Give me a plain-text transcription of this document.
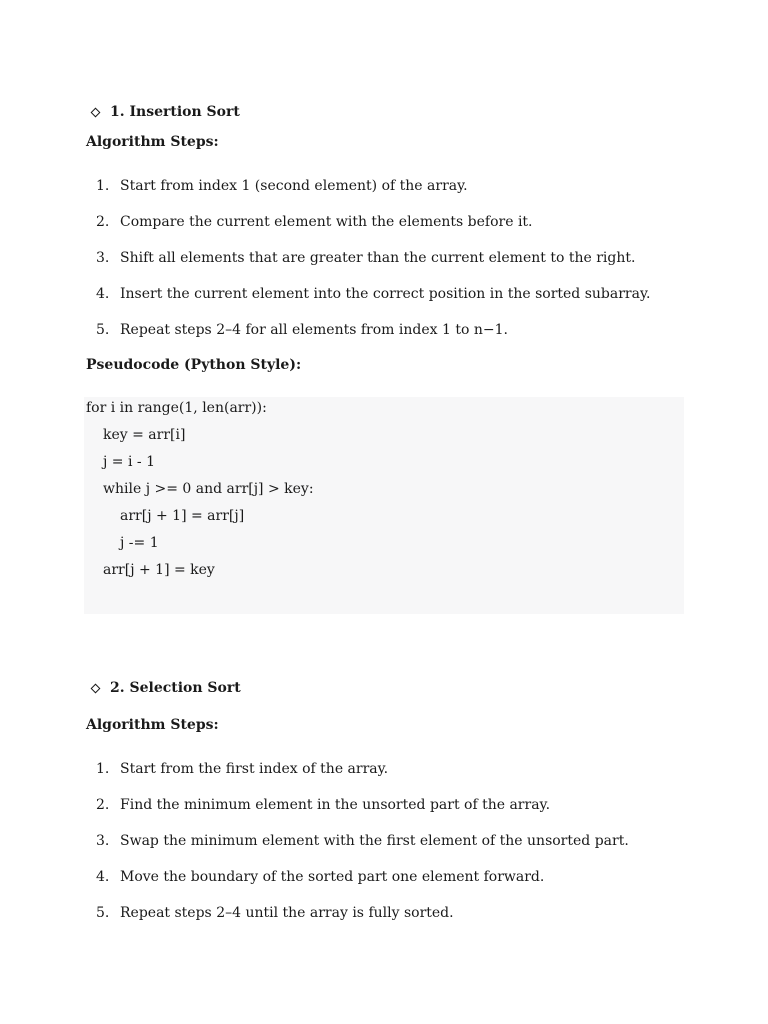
1. Insertion Sort
Algorithm Steps:
1. Start from index 1 (second element) of the array.
2. Compare the current element with the elements before it.
3. Shift all elements that are greater than the current element to the right.
4. Insert the current element into the correct position in the sorted subarray.
5. Repeat steps 2–4 for all elements from index 1 to n−1.
Pseudocode (Python Style):
for i in range(1, len(arr)):
key = arr[i]
j = i - 1
while j >= 0 and arr[j] > key:
arr[j + 1] = arr[j]
j -= 1
arr[j + 1] = key
2. Selection Sort
Algorithm Steps:
1. Start from the first index of the array.
2. Find the minimum element in the unsorted part of the array.
3. Swap the minimum element with the first element of the unsorted part.
4. Move the boundary of the sorted part one element forward.
5. Repeat steps 2–4 until the array is fully sorted.
